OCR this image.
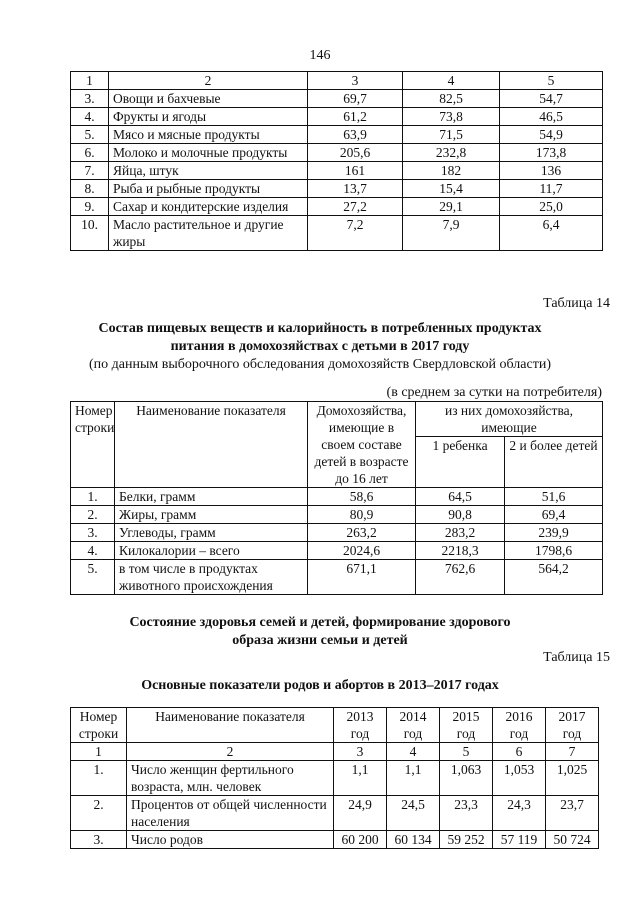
146
1	2	3	4	5
3.	Овощи и бахчевые	69,7	82,5	54,7
4.	Фрукты и ягоды	61,2	73,8	46,5
5.	Мясо и мясные продукты	63,9	71,5	54,9
6.	Молоко и молочные продукты	205,6	232,8	173,8
7.	Яйца, штук	161	182	136
8.	Рыба и рыбные продукты	13,7	15,4	11,7
9.	Сахар и кондитерские изделия	27,2	29,1	25,0
10.	Масло растительное и другие жиры	7,2	7,9	6,4
Таблица 14
Состав пищевых веществ и калорийность в потребленных продуктах
питания в домохозяйствах с детьми в 2017 году
(по данным выборочного обследования домохозяйств Свердловской области)
(в среднем за сутки на потребителя)
Номер строки	Наименование показателя	Домохозяйства, имеющие в своем составе детей в возрасте до 16 лет	из них домохозяйства, имеющие	
			1 ребенка	2 и более детей
1.	Белки, грамм	58,6	64,5	51,6
2.	Жиры, грамм	80,9	90,8	69,4
3.	Углеводы, грамм	263,2	283,2	239,9
4.	Килокалории – всего	2024,6	2218,3	1798,6
5.	в том числе в продуктах животного происхождения	671,1	762,6	564,2
Состояние здоровья семей и детей, формирование здорового
образа жизни семьи и детей
Таблица 15
Основные показатели родов и абортов в 2013–2017 годах
Номер строки	Наименование показателя	2013 год	2014 год	2015 год	2016 год	2017 год
1	2	3	4	5	6	7
1.	Число женщин фертильного возраста, млн. человек	1,1	1,1	1,063	1,053	1,025
2.	Процентов от общей численности населения	24,9	24,5	23,3	24,3	23,7
3.	Число родов	60 200	60 134	59 252	57 119	50 724
